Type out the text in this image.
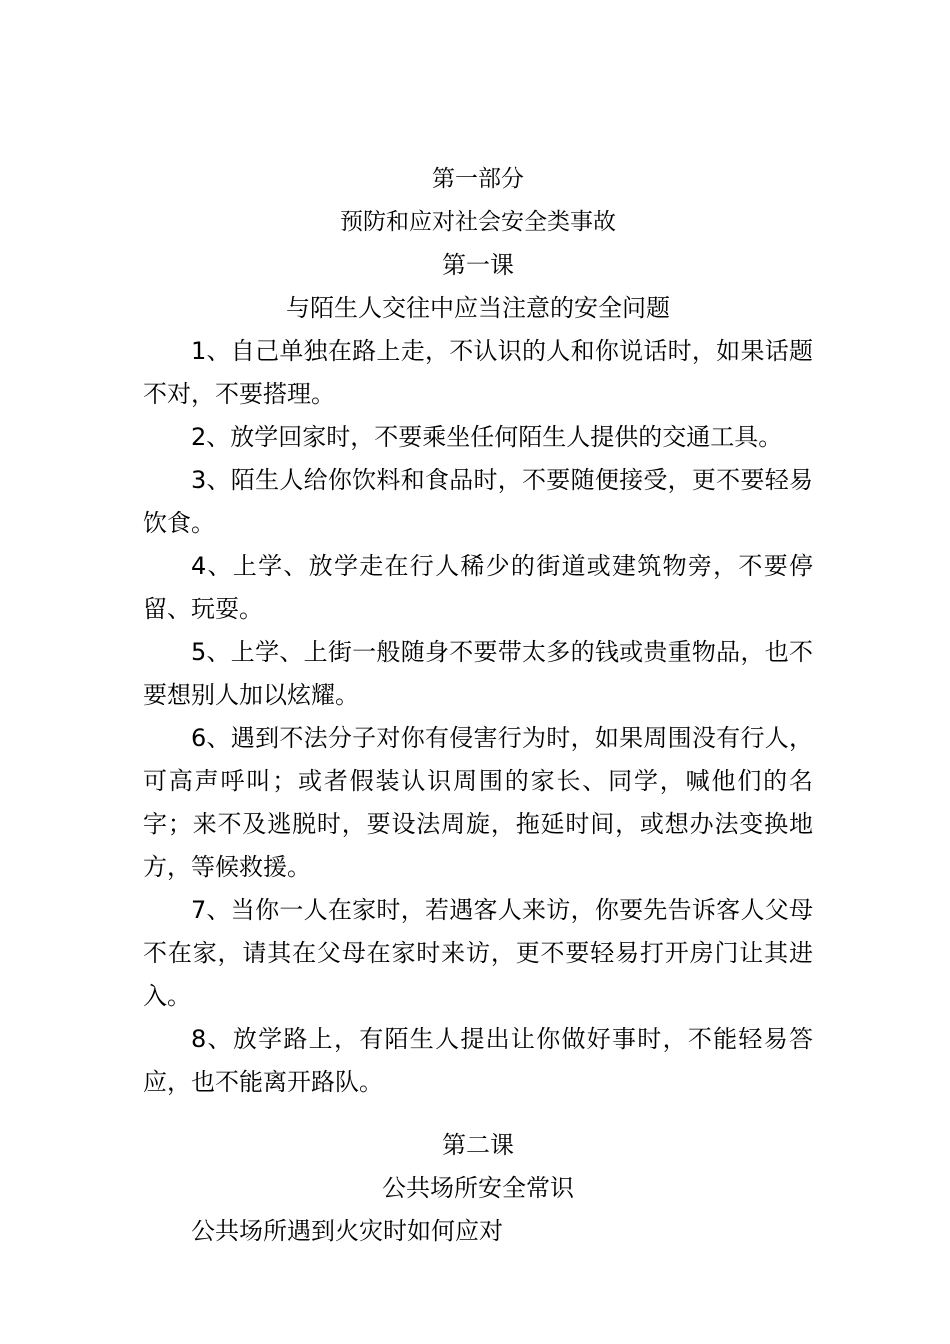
第一部分
预防和应对社会安全类事故
第一课
与陌生人交往中应当注意的安全问题

1、自己单独在路上走，不认识的人和你说话时，如果话题不对，不要搭理。

2、放学回家时，不要乘坐任何陌生人提供的交通工具。

3、陌生人给你饮料和食品时，不要随便接受，更不要轻易饮食。

4、上学、放学走在行人稀少的街道或建筑物旁，不要停留、玩耍。

5、上学、上街一般随身不要带太多的钱或贵重物品，也不要想别人加以炫耀。

6、遇到不法分子对你有侵害行为时，如果周围没有行人，可高声呼叫；或者假装认识周围的家长、同学，喊他们的名字；来不及逃脱时，要设法周旋，拖延时间，或想办法变换地方，等候救援。

7、当你一人在家时，若遇客人来访，你要先告诉客人父母不在家，请其在父母在家时来访，更不要轻易打开房门让其进入。

8、放学路上，有陌生人提出让你做好事时，不能轻易答应，也不能离开路队。

第二课
公共场所安全常识

公共场所遇到火灾时如何应对
